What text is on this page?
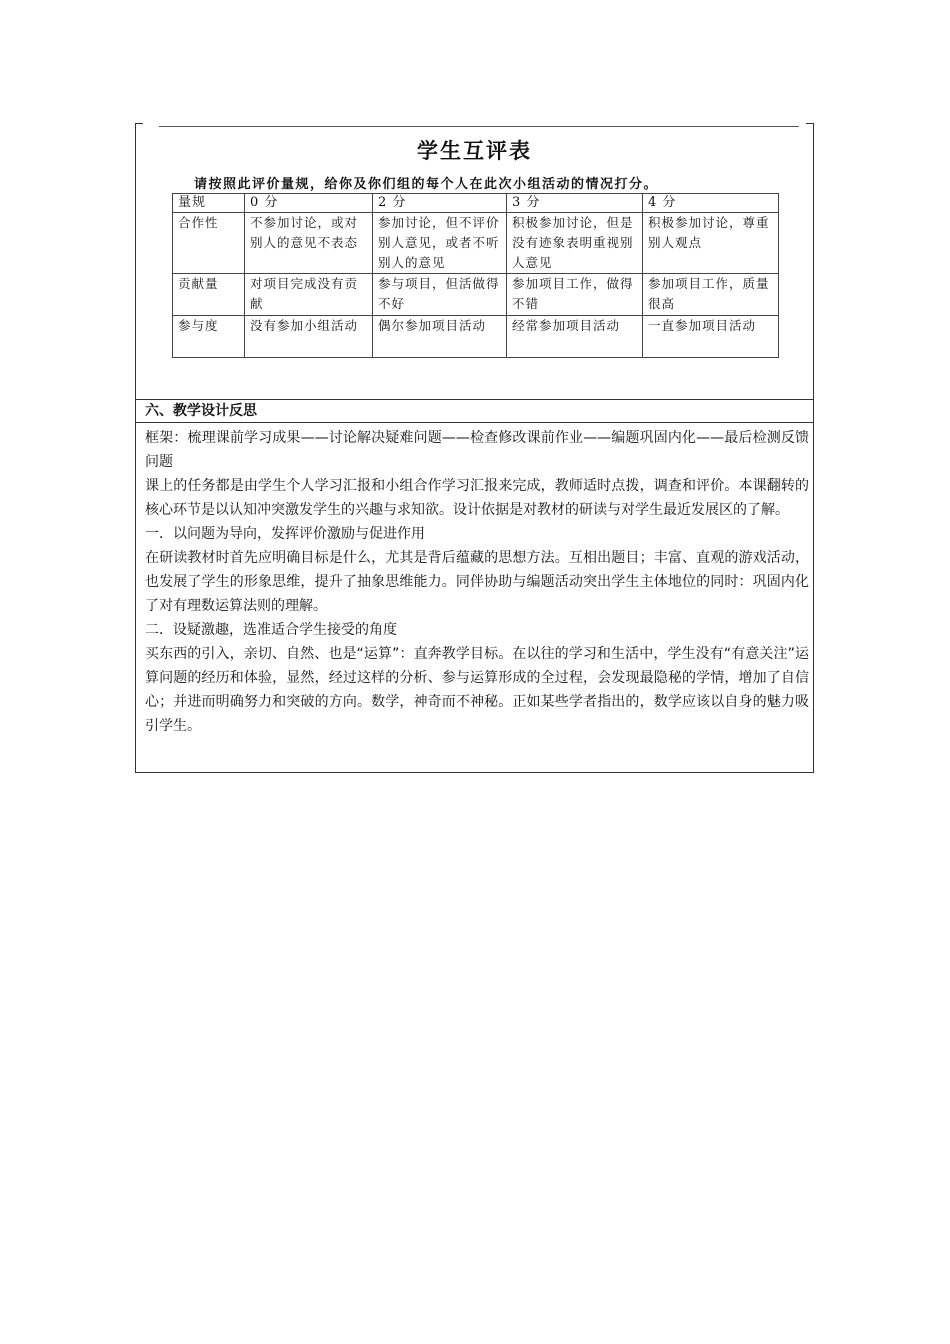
学生互评表
请按照此评价量规，给你及你们组的每个人在此次小组活动的情况打分。
量规	0 分	2 分	3 分	4 分
合作性	不参加讨论，或对别人的意见不表态	参加讨论，但不评价别人意见，或者不听别人的意见	积极参加讨论，但是没有迹象表明重视别人意见	积极参加讨论，尊重别人观点
贡献量	对项目完成没有贡献	参与项目，但活做得不好	参加项目工作，做得不错	参加项目工作，质量很高
参与度	没有参加小组活动	偶尔参加项目活动	经常参加项目活动	一直参加项目活动
六、教学设计反思

框架：梳理课前学习成果——讨论解决疑难问题——检查修改课前作业——编题巩固内化——最后检测反馈问题

课上的任务都是由学生个人学习汇报和小组合作学习汇报来完成，教师适时点拨，调查和评价。本课翻转的核心环节是以认知冲突激发学生的兴趣与求知欲。设计依据是对教材的研读与对学生最近发展区的了解。

一．以问题为导向，发挥评价激励与促进作用

在研读教材时首先应明确目标是什么，尤其是背后蕴藏的思想方法。互相出题目；丰富、直观的游戏活动，也发展了学生的形象思维，提升了抽象思维能力。同伴协助与编题活动突出学生主体地位的同时：巩固内化了对有理数运算法则的理解。

二．设疑激趣，选准适合学生接受的角度

买东西的引入，亲切、自然、也是“运算”：直奔教学目标。在以往的学习和生活中，学生没有“有意关注”运算问题的经历和体验，显然，经过这样的分析、参与运算形成的全过程，会发现最隐秘的学情，增加了自信心；并进而明确努力和突破的方向。数学，神奇而不神秘。正如某些学者指出的，数学应该以自身的魅力吸引学生。
